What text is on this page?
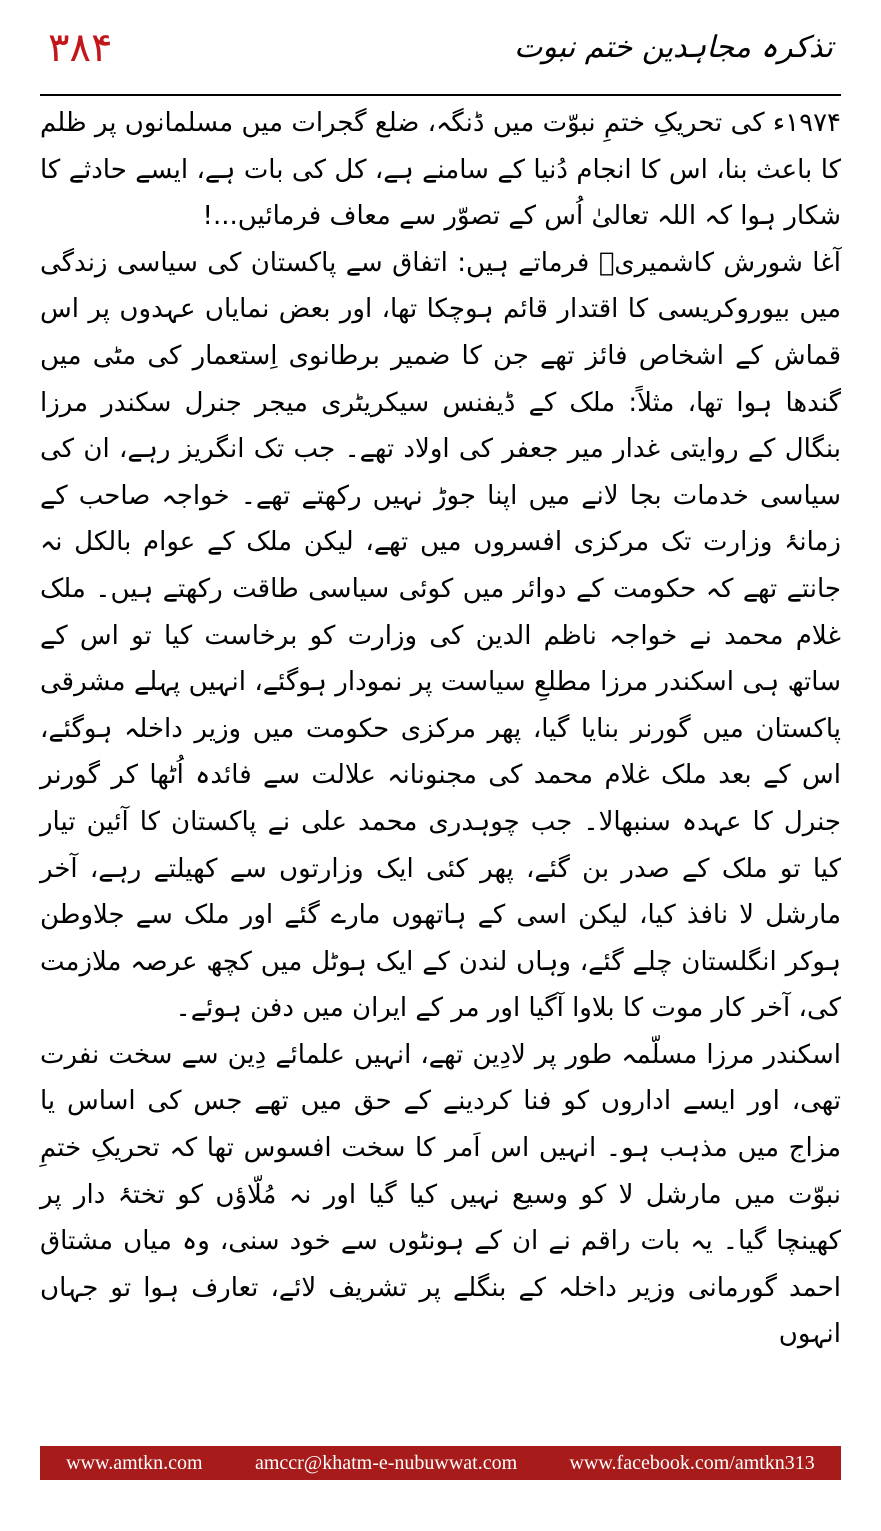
۳۸۴	تذکرہ مجاہدین ختم نبوت

۱۹۷۴ء کی تحریکِ ختمِ نبوّت میں ڈنگہ، ضلع گجرات میں مسلمانوں پر ظلم کا باعث بنا، اس کا انجام دُنیا کے سامنے ہے، کل کی بات ہے، ایسے حادثے کا شکار ہوا کہ اللہ تعالیٰ اُس کے تصوّر سے معاف فرمائیں...!

آغا شورش کاشمیریؒ فرماتے ہیں: اتفاق سے پاکستان کی سیاسی زندگی میں بیوروکریسی کا اقتدار قائم ہوچکا تھا، اور بعض نمایاں عہدوں پر اس قماش کے اشخاص فائز تھے جن کا ضمیر برطانوی اِستعمار کی مٹی میں گندھا ہوا تھا، مثلاً: ملک کے ڈیفنس سیکریٹری میجر جنرل سکندر مرزا بنگال کے روایتی غدار میر جعفر کی اولاد تھے۔ جب تک انگریز رہے، ان کی سیاسی خدمات بجا لانے میں اپنا جوڑ نہیں رکھتے تھے۔ خواجہ صاحب کے زمانۂ وزارت تک مرکزی افسروں میں تھے، لیکن ملک کے عوام بالکل نہ جانتے تھے کہ حکومت کے دوائر میں کوئی سیاسی طاقت رکھتے ہیں۔ ملک غلام محمد نے خواجہ ناظم الدین کی وزارت کو برخاست کیا تو اس کے ساتھ ہی اسکندر مرزا مطلعِ سیاست پر نمودار ہوگئے، انہیں پہلے مشرقی پاکستان میں گورنر بنایا گیا، پھر مرکزی حکومت میں وزیر داخلہ ہوگئے، اس کے بعد ملک غلام محمد کی مجنونانہ علالت سے فائدہ اُٹھا کر گورنر جنرل کا عہدہ سنبھالا۔ جب چوہدری محمد علی نے پاکستان کا آئین تیار کیا تو ملک کے صدر بن گئے، پھر کئی ایک وزارتوں سے کھیلتے رہے، آخر مارشل لا نافذ کیا، لیکن اسی کے ہاتھوں مارے گئے اور ملک سے جلاوطن ہوکر انگلستان چلے گئے، وہاں لندن کے ایک ہوٹل میں کچھ عرصہ ملازمت کی، آخر کار موت کا بلاوا آگیا اور مر کے ایران میں دفن ہوئے۔

اسکندر مرزا مسلّمہ طور پر لادِین تھے، انہیں علمائے دِین سے سخت نفرت تھی، اور ایسے اداروں کو فنا کردینے کے حق میں تھے جس کی اساس یا مزاج میں مذہب ہو۔ انہیں اس اَمر کا سخت افسوس تھا کہ تحریکِ ختمِ نبوّت میں مارشل لا کو وسیع نہیں کیا گیا اور نہ مُلّاؤں کو تختۂ دار پر کھینچا گیا۔ یہ بات راقم نے ان کے ہونٹوں سے خود سنی، وہ میاں مشتاق احمد گورمانی وزیر داخلہ کے بنگلے پر تشریف لائے، تعارف ہوا تو جہاں انہوں

www.amtkn.com	amccr@khatm-e-nubuwwat.com	www.facebook.com/amtkn313
